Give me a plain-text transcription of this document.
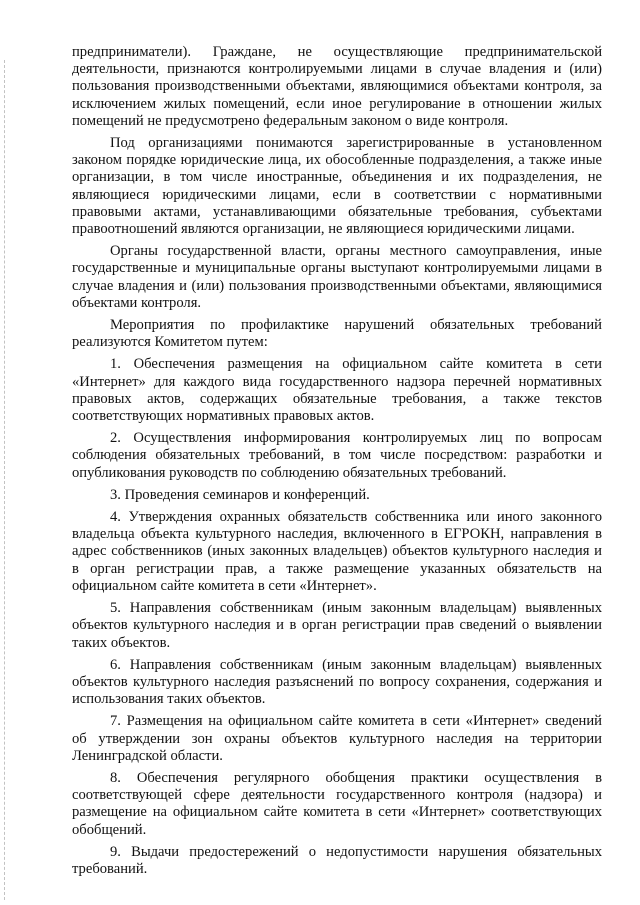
предприниматели). Граждане, не осуществляющие предпринимательской деятельности, признаются контролируемыми лицами в случае владения и (или) пользования производственными объектами, являющимися объектами контроля, за исключением жилых помещений, если иное регулирование в отношении жилых помещений не предусмотрено федеральным законом о виде контроля.

Под организациями понимаются зарегистрированные в установленном законом порядке юридические лица, их обособленные подразделения, а также иные организации, в том числе иностранные, объединения и их подразделения, не являющиеся юридическими лицами, если в соответствии с нормативными правовыми актами, устанавливающими обязательные требования, субъектами правоотношений являются организации, не являющиеся юридическими лицами.

Органы государственной власти, органы местного самоуправления, иные государственные и муниципальные органы выступают контролируемыми лицами в случае владения и (или) пользования производственными объектами, являющимися объектами контроля.

Мероприятия по профилактике нарушений обязательных требований реализуются Комитетом путем:

1. Обеспечения размещения на официальном сайте комитета в сети «Интернет» для каждого вида государственного надзора перечней нормативных правовых актов, содержащих обязательные требования, а также текстов соответствующих нормативных правовых актов.

2. Осуществления информирования контролируемых лиц по вопросам соблюдения обязательных требований, в том числе посредством: разработки и опубликования руководств по соблюдению обязательных требований.

3. Проведения семинаров и конференций.

4. Утверждения охранных обязательств собственника или иного законного владельца объекта культурного наследия, включенного в ЕГРОКН, направления в адрес собственников (иных законных владельцев) объектов культурного наследия и в орган регистрации прав, а также размещение указанных обязательств на официальном сайте комитета в сети «Интернет».

5. Направления собственникам (иным законным владельцам) выявленных объектов культурного наследия и в орган регистрации прав сведений о выявлении таких объектов.

6. Направления собственникам (иным законным владельцам) выявленных объектов культурного наследия разъяснений по вопросу сохранения, содержания и использования таких объектов.

7. Размещения на официальном сайте комитета в сети «Интернет» сведений об утверждении зон охраны объектов культурного наследия на территории Ленинградской области.

8. Обеспечения регулярного обобщения практики осуществления в соответствующей сфере деятельности государственного контроля (надзора) и размещение на официальном сайте комитета в сети «Интернет» соответствующих обобщений.

9. Выдачи предостережений о недопустимости нарушения обязательных требований.
